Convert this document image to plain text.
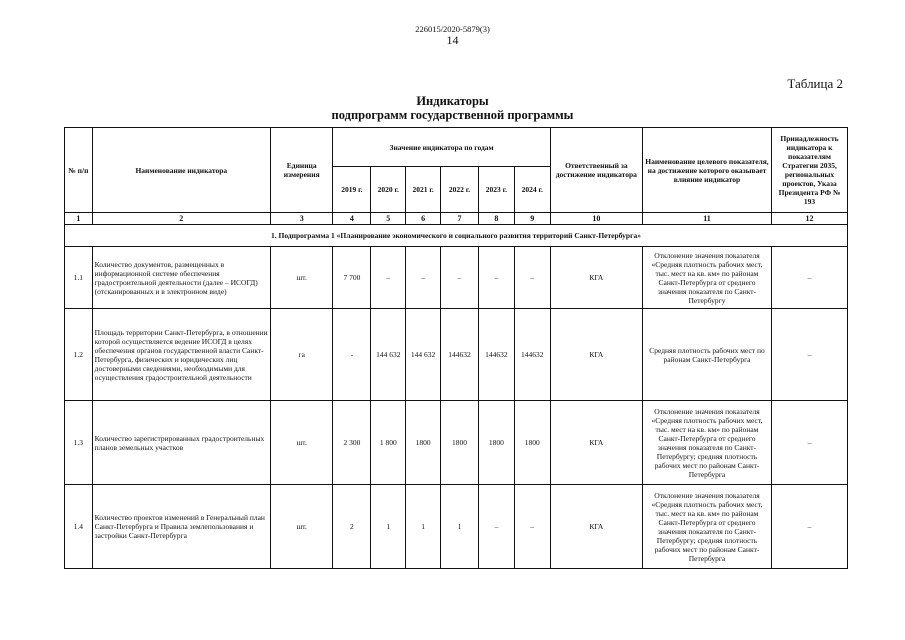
226015/2020-5879(3)
14
Таблица 2
Индикаторы
подпрограмм государственной программы
№ п/п	Наименование индикатора	Единица измерения	Значение индикатора по годам						Ответственный за достижение индикатора	Наименование целевого показателя, на достижение которого оказывает влияние индикатор	Принадлежность индикатора к показателям Стратегии 2035, региональных проектов, Указа Президента РФ № 193
			2019 г.	2020 г.	2021 г.	2022 г.	2023 г.	2024 г.			
1	2	3	4	5	6	7	8	9	10	11	12
1. Подпрограмма 1 «Планирование экономического и социального развития территорий Санкт-Петербурга»											
1.1	Количество документов, размещенных в информационной системе обеспечения градостроительной деятельности (далее – ИСОГД) (отсканированных и в электронном виде)	шт.	7 700	–	–	–	–	–	КГА	Отклонение значения показателя «Средняя плотность рабочих мест, тыс. мест на кв. км» по районам Санкт-Петербурга от среднего значения показателя по Санкт-Петербургу	–
1.2	Площадь территории Санкт-Петербурга, в отношении которой осуществляется ведение ИСОГД в целях обеспечения органов государственной власти Санкт-Петербурга, физических и юридических лиц достоверными сведениями, необходимыми для осуществления градостроительной деятельности	га	-	144 632	144 632	144632	144632	144632	КГА	Средняя плотность рабочих мест по районам Санкт-Петербурга	–
1.3	Количество зарегистрированных градостроительных планов земельных участков	шт.	2 300	1 800	1800	1800	1800	1800	КГА	Отклонение значения показателя «Средняя плотность рабочих мест, тыс. мест на кв. км» по районам Санкт-Петербурга от среднего значения показателя по Санкт-Петербургу; средняя плотность рабочих мест по районам Санкт-Петербурга	–
1.4	Количество проектов изменений в Генеральный план Санкт-Петербурга и Правила землепользования и застройки Санкт-Петербурга	шт.	2	1	1	1	–	–	КГА	Отклонение значения показателя «Средняя плотность рабочих мест, тыс. мест на кв. км» по районам Санкт-Петербурга от среднего значения показателя по Санкт-Петербургу; средняя плотность рабочих мест по районам Санкт-Петербурга	–
